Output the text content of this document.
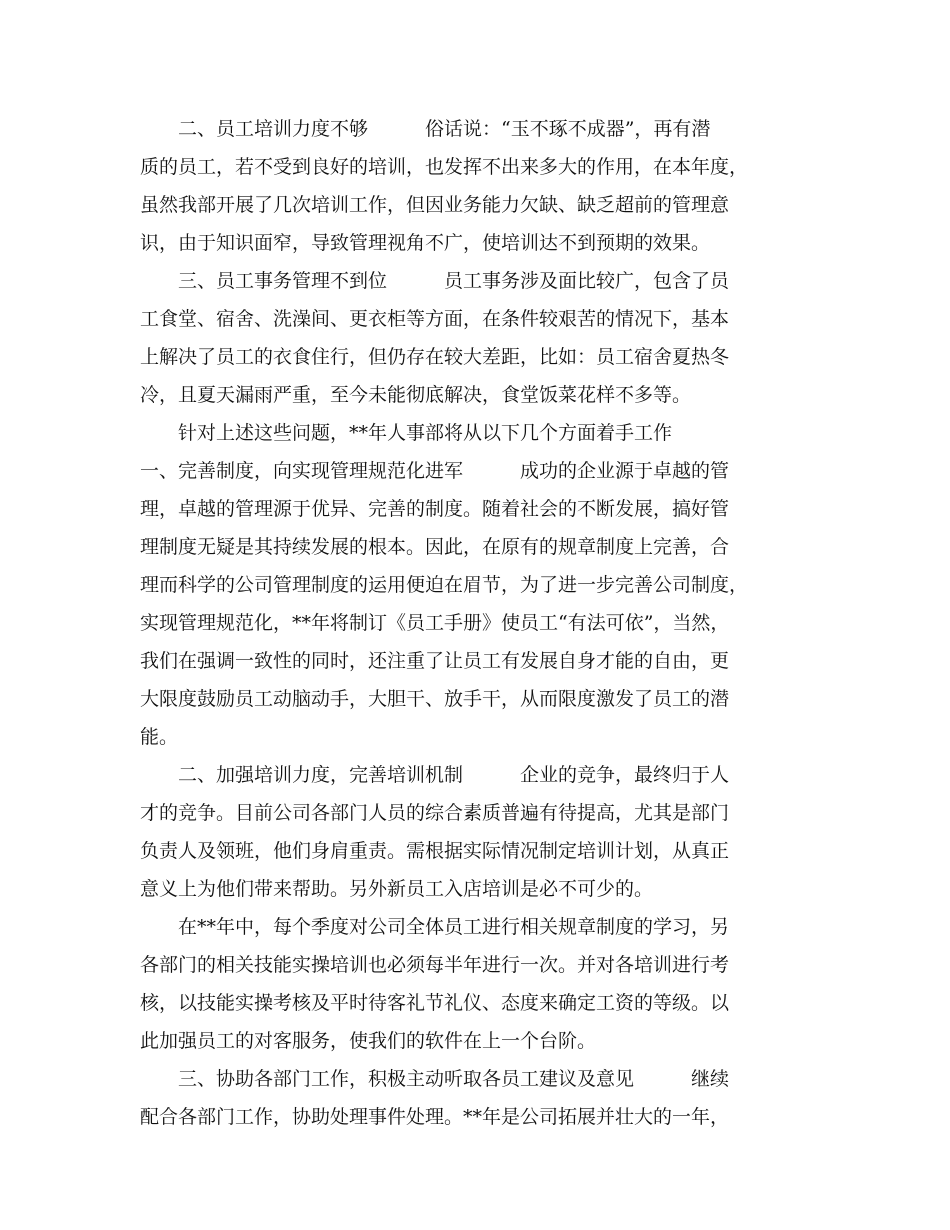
　　二、员工培训力度不够　　　俗话说：“玉不琢不成器”，再有潜
质的员工，若不受到良好的培训，也发挥不出来多大的作用，在本年度，
虽然我部开展了几次培训工作，但因业务能力欠缺、缺乏超前的管理意
识，由于知识面窄，导致管理视角不广，使培训达不到预期的效果。
　　三、员工事务管理不到位　　　员工事务涉及面比较广，包含了员
工食堂、宿舍、洗澡间、更衣柜等方面，在条件较艰苦的情况下，基本
上解决了员工的衣食住行，但仍存在较大差距，比如：员工宿舍夏热冬
冷，且夏天漏雨严重，至今未能彻底解决，食堂饭菜花样不多等。
　　针对上述这些问题，**年人事部将从以下几个方面着手工作
一、完善制度，向实现管理规范化进军　　　成功的企业源于卓越的管
理，卓越的管理源于优异、完善的制度。随着社会的不断发展，搞好管
理制度无疑是其持续发展的根本。因此，在原有的规章制度上完善，合
理而科学的公司管理制度的运用便迫在眉节，为了进一步完善公司制度，
实现管理规范化，**年将制订《员工手册》使员工“有法可依”，当然，
我们在强调一致性的同时，还注重了让员工有发展自身才能的自由，更
大限度鼓励员工动脑动手，大胆干、放手干，从而限度激发了员工的潜
能。
　　二、加强培训力度，完善培训机制　　　企业的竞争，最终归于人
才的竞争。目前公司各部门人员的综合素质普遍有待提高，尤其是部门
负责人及领班，他们身肩重责。需根据实际情况制定培训计划，从真正
意义上为他们带来帮助。另外新员工入店培训是必不可少的。
　　在**年中，每个季度对公司全体员工进行相关规章制度的学习，另
各部门的相关技能实操培训也必须每半年进行一次。并对各培训进行考
核，以技能实操考核及平时待客礼节礼仪、态度来确定工资的等级。以
此加强员工的对客服务，使我们的软件在上一个台阶。
　　三、协助各部门工作，积极主动听取各员工建议及意见　　　继续
配合各部门工作，协助处理事件处理。**年是公司拓展并壮大的一年，
